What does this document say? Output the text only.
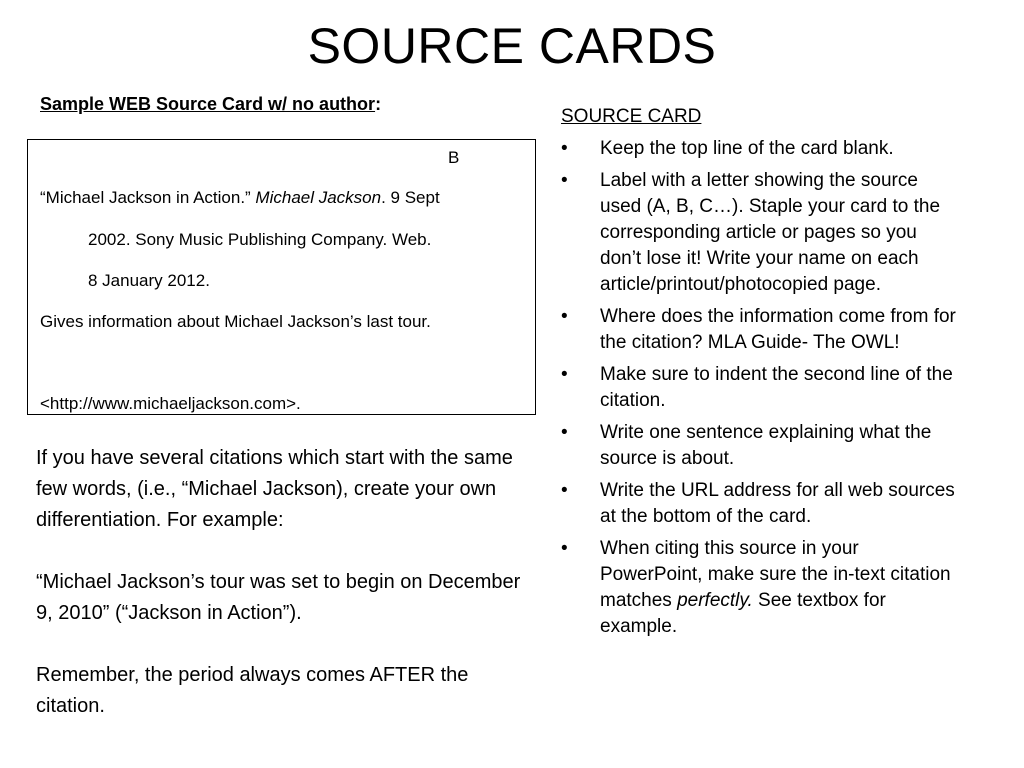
SOURCE CARDS
Sample WEB Source Card w/ no author:
B
“Michael Jackson in Action.” Michael Jackson. 9 Sept
2002. Sony Music Publishing Company. Web.
8 January 2012.
Gives information about Michael Jackson’s last tour.
<http://www.michaeljackson.com>.

If you have several citations which start with the same few words, (i.e., “Michael Jackson), create your own differentiation. For example:

“Michael Jackson’s tour was set to begin on December 9, 2010” (“Jackson in Action”).

Remember, the period always comes AFTER the citation.

SOURCE CARD
• Keep the top line of the card blank.
• Label with a letter showing the source used (A, B, C…). Staple your card to the corresponding article or pages so you don’t lose it! Write your name on each article/printout/photocopied page.
• Where does the information come from for the citation? MLA Guide- The OWL!
• Make sure to indent the second line of the citation.
• Write one sentence explaining what the source is about.
• Write the URL address for all web sources at the bottom of the card.
• When citing this source in your PowerPoint, make sure the in-text citation matches perfectly. See textbox for example.
